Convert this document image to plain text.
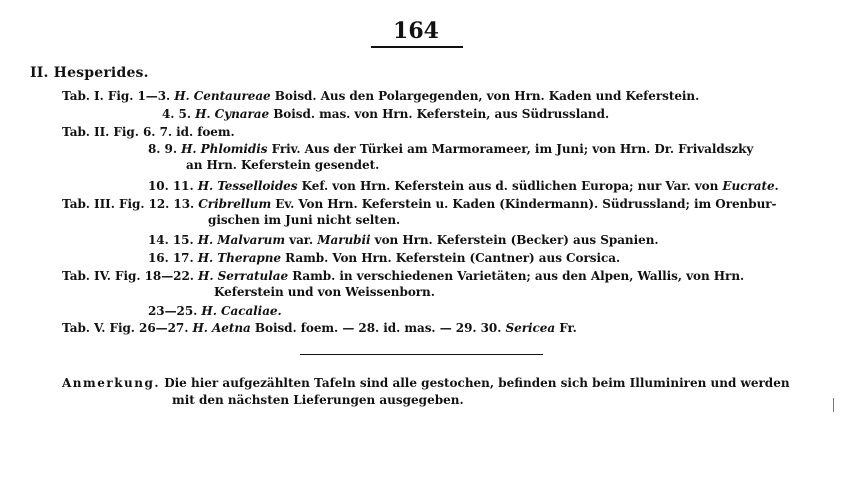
164
II. Hesperides.
Tab. I. Fig. 1—3. H. Centaureae Boisd. Aus den Polargegenden, von Hrn. Kaden und Keferstein.
4. 5. H. Cynarae Boisd. mas. von Hrn. Keferstein, aus Südrussland.
Tab. II. Fig. 6. 7. id. foem.
8. 9. H. Phlomidis Friv. Aus der Türkei am Marmorameer, im Juni; von Hrn. Dr. Frivaldszky
an Hrn. Keferstein gesendet.
10. 11. H. Tesselloides Kef. von Hrn. Keferstein aus d. südlichen Europa; nur Var. von Eucrate.
Tab. III. Fig. 12. 13. Cribrellum Ev. Von Hrn. Keferstein u. Kaden (Kindermann). Südrussland; im Orenbur-
gischen im Juni nicht selten.
14. 15. H. Malvarum var. Marubii von Hrn. Keferstein (Becker) aus Spanien.
16. 17. H. Therapne Ramb. Von Hrn. Keferstein (Cantner) aus Corsica.
Tab. IV. Fig. 18—22. H. Serratulae Ramb. in verschiedenen Varietäten; aus den Alpen, Wallis, von Hrn.
Keferstein und von Weissenborn.
23—25. H. Cacaliae.
Tab. V. Fig. 26—27. H. Aetna Boisd. foem. — 28. id. mas. — 29. 30. Sericea Fr.
Anmerkung. Die hier aufgezählten Tafeln sind alle gestochen, befinden sich beim Illuminiren und werden
mit den nächsten Lieferungen ausgegeben.
